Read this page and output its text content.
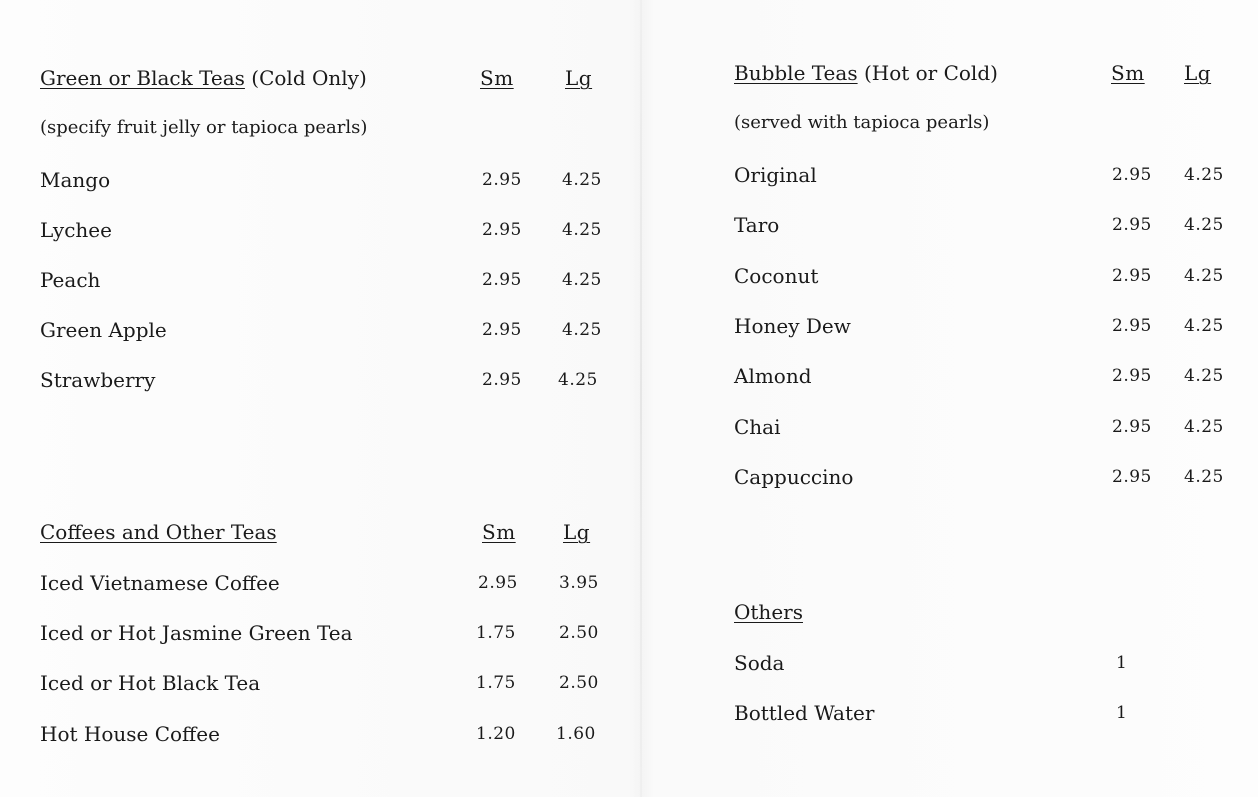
Green or Black Teas (Cold Only)	Sm	Lg
(specify fruit jelly or tapioca pearls)
Mango	2.95 4.25
Lychee	2.95 4.25
Peach	2.95 4.25
Green Apple	2.95 4.25
Strawberry	2.95 4.25
Coffees and Other Teas	Sm Lg
Iced Vietnamese Coffee	2.95 3.95
Iced or Hot Jasmine Green Tea	1.75	2.50
Iced or Hot Black Tea	1.75	2.50
Hot House Coffee	1.20 1.60
Bubble Teas (Hot or Cold)	Sm Lg
(served with tapioca pearls)
Original	2.95 4.25
Taro	2.95 4.25
Coconut	2.95 4.25
Honey Dew	2.95 4.25
Almond	2.95 4.25
Chai	2.95 4.25
Cappuccino	2.95 4.25
Others
Soda	1
Bottled Water	1
